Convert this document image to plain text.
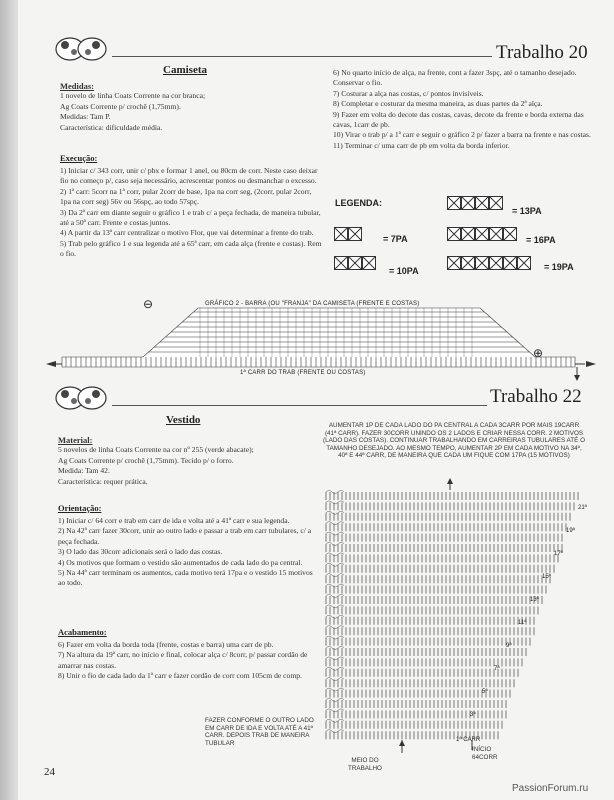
Trabalho 20
Camiseta

Medidas:

1 novelo de linha Coats Corrente na cor branca;

Ag Coats Corrente p/ crochê (1,75mm).

Medidas: Tam P.

Característica: dificuldade média.

Execução:

1) Iniciar c/ 343 corr, unir c/ pbx e formar 1 anel, ou 80cm de corr. Neste caso deixar fio no começo p/, caso seja necessário, acrescentar pontos ou desmanchar o excesso.

2) 1ª carr: 5corr na 1ª corr, pular 2corr de base, 1pa na corr seg, (2corr, pular 2corr, 1pa na corr seg) 56v ou 56spç, ao todo 57spç.

3) Da 2ª carr em diante seguir o gráfico 1 e trab c/ a peça fechada, de maneira tubular, até a 50ª carr. Frente e costas juntos.

4) A partir da 13ª carr centralizar o motivo Flor, que vai determinar a frente do trab.

5) Trab pelo gráfico 1 e sua legenda até a 65ª carr, em cada alça (frente e costas). Rem o fio.

6) No quarto início de alça, na frente, cont a fazer 3spç, até o tamanho desejado. Conservar o fio.

7) Costurar a alça nas costas, c/ pontos invisíveis.

8) Completar e costurar da mesma maneira, as duas partes da 2ª alça.

9) Fazer em volta do decote das costas, cavas, decote da frente e borda externa das cavas, 1carr de pb.

10) Virar o trab p/ a 1ª carr e seguir o gráfico 2 p/ fazer a barra na frente e nas costas.

11) Terminar c/ uma carr de pb em volta da borda inferior.

LEGENDA:
= 13PA
= 7PA	= 16PA
= 10PA	= 19PA
GRÁFICO 2 - BARRA (OU "FRANJA" DA CAMISETA (FRENTE E COSTAS)
⊖
⊕
1ª CARR DO TRAB (FRENTE OU COSTAS)
Trabalho 22
Vestido

Material:

5 novelos de linha Coats Corrente na cor nº 255 (verde abacate);

Ag Coats Corrente p/ crochê (1,75mm). Tecido p/ o forro.

Medida: Tam 42.

Característica: requer prática.

Orientação:

1) Iniciar c/ 64 corr e trab em carr de ida e volta até a 41ª carr e sua legenda.

2) Na 42ª carr fazer 30corr, unir ao outro lado e passar a trab em carr tubulares, c/ a peça fechada.

3) O lado das 30corr adicionais será o lado das costas.

4) Os motivos que formam o vestido são aumentados de cada lado do pa central.

5) Na 44ª carr terminam os aumentos, cada motivo terá 17pa e o vestido 15 motivos ao todo.

Acabamento:

6) Fazer em volta da borda toda (frente, costas e barra) uma carr de pb.

7) Na altura da 19ª carr, no início e final, colocar alça c/ 8corr, p/ passar cordão de amarrar nas costas.

8) Unir o fio de cada lado da 1ª carr e fazer cordão de corr com 105cm de comp.

AUMENTAR 1P DE CADA LADO DO PA CENTRAL A CADA 3CARR POR MAIS 19CARR (41ª CARR). FAZER 30CORR UNINDO OS 2 LADOS E CRIAR NESSA CORR. 2 MOTIVOS (LADO DAS COSTAS). CONTINUAR TRABALHANDO EM CARREIRAS TUBULARES ATÉ O TAMANHO DESEJADO. AO MESMO TEMPO, AUMENTAR 2P EM CADA MOTIVO NA 34ª, 40ª E 44ª CARR, DE MANEIRA QUE CADA UM FIQUE COM 17PA (15 MOTIVOS)
21ª
19ª
17ª
15ª
13ª
11ª
9ª
7ª
5ª
3ª
1ª CARR
FAZER CONFORME O OUTRO LADO EM CARR DE IDA E VOLTA ATÉ A 41ª CARR. DEPOIS TRAB DE MANEIRA TUBULAR
MEIO DO TRABALHO
INÍCIO 64CORR
24
PassionForum.ru
